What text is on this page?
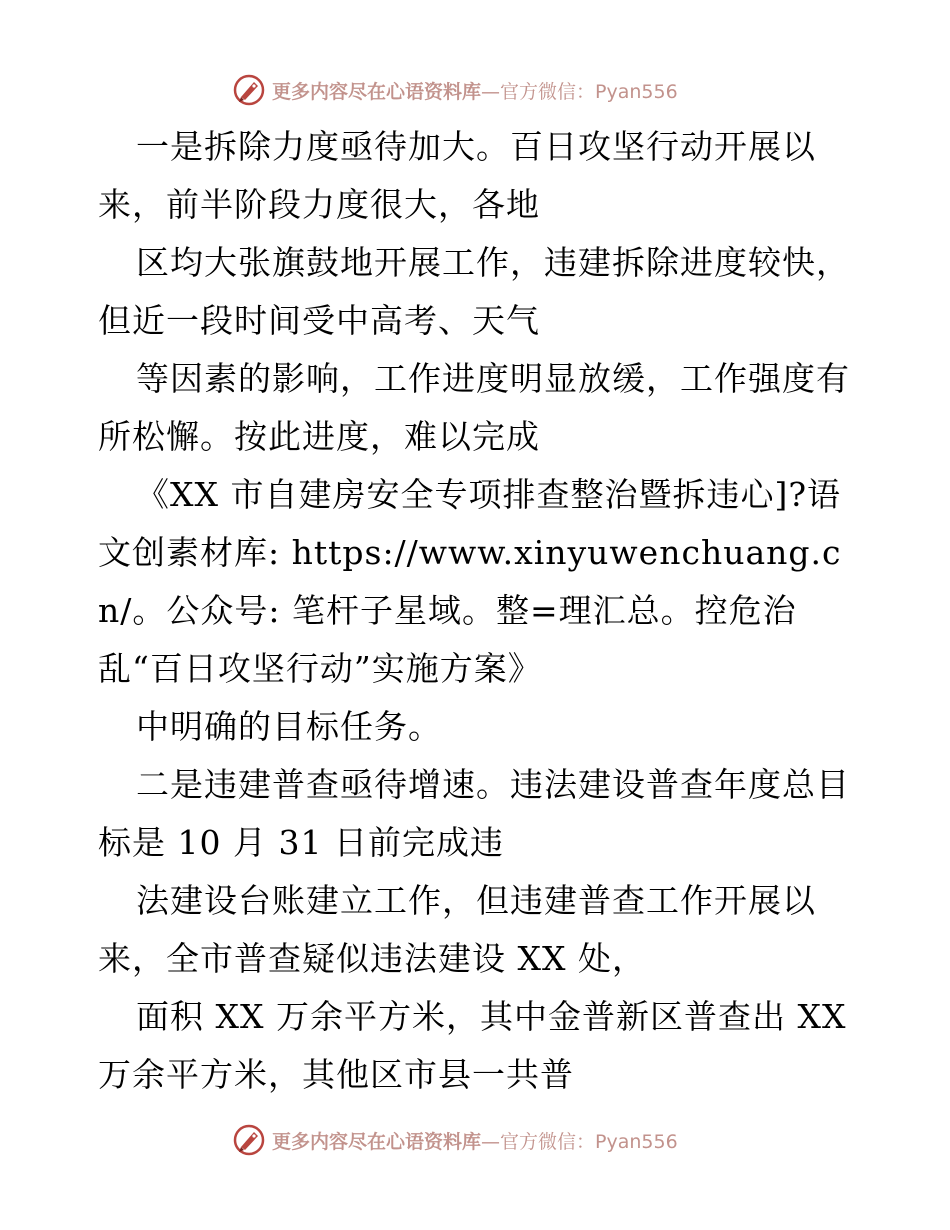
更多内容尽在心语资料库 —官方微信：Pyan556

一是拆除力度亟待加大。百日攻坚行动开展以来，前半阶段力度很大，各地

区均大张旗鼓地开展工作，违建拆除进度较快，但近一段时间受中高考、天气

等因素的影响，工作进度明显放缓，工作强度有所松懈。按此进度，难以完成

《XX 市自建房安全专项排查整治暨拆违心]?语文创素材库: https://www.xinyuwenchuang.cn/。公众号: 笔杆子星域。整=理汇总。控危治乱“百日攻坚行动”实施方案》

中明确的目标任务。

二是违建普查亟待增速。违法建设普查年度总目标是 10 月 31 日前完成违

法建设台账建立工作，但违建普查工作开展以来，全市普查疑似违法建设 XX 处，

面积 XX 万余平方米，其中金普新区普查出 XX 万余平方米，其他区市县一共普

更多内容尽在心语资料库 —官方微信：Pyan556
